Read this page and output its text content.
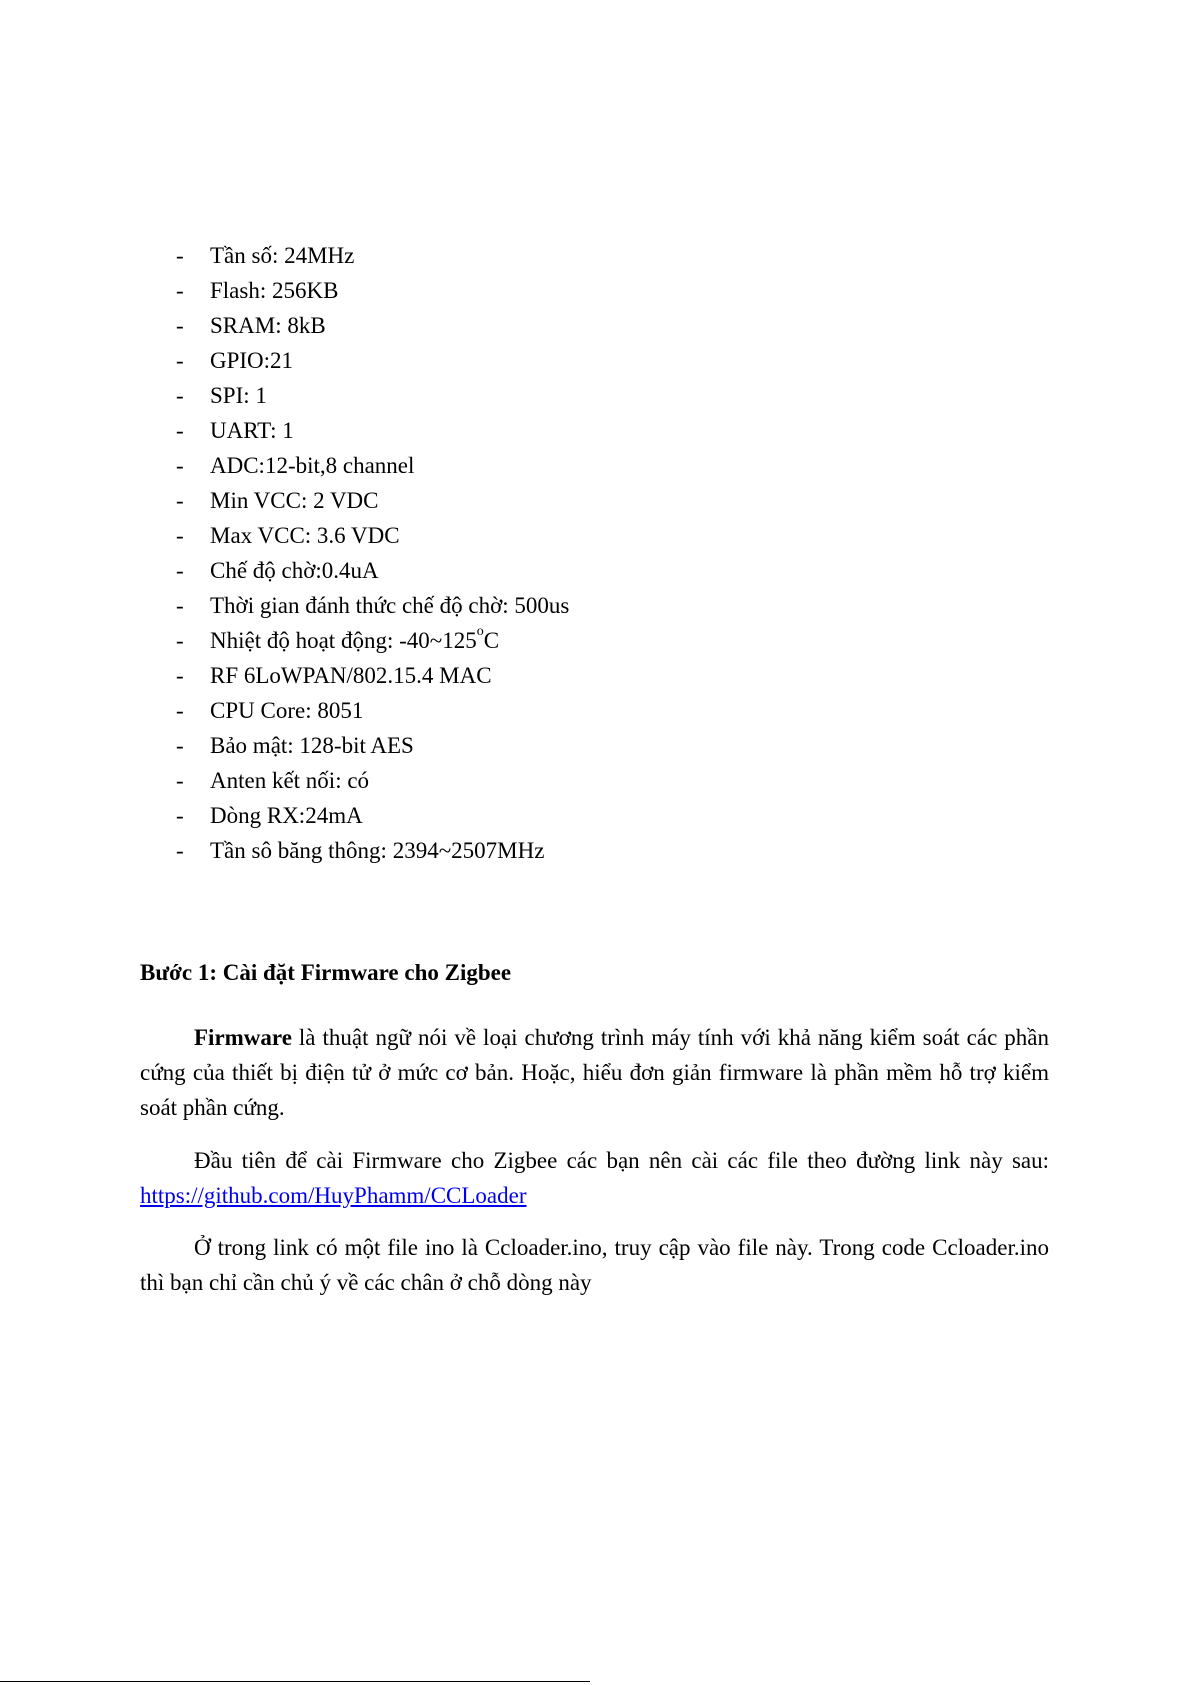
- Tần số: 24MHz
- Flash: 256KB
- SRAM: 8kB
- GPIO:21
- SPI: 1
- UART: 1
- ADC:12-bit,8 channel
- Min VCC: 2 VDC
- Max VCC: 3.6 VDC
- Chế độ chờ:0.4uA
- Thời gian đánh thức chế độ chờ: 500us
- Nhiệt độ hoạt động: -40~125$^o$C
- RF 6LoWPAN/802.15.4 MAC
- CPU Core: 8051
- Bảo mật: 128-bit AES
- Anten kết nối: có
- Dòng RX:24mA
- Tần sô băng thông: 2394~2507MHz
Bước 1: Cài đặt Firmware cho Zigbee

Firmware là thuật ngữ nói về loại chương trình máy tính với khả năng kiểm soát các phần cứng của thiết bị điện tử ở mức cơ bản. Hoặc, hiểu đơn giản firmware là phần mềm hỗ trợ kiểm soát phần cứng.

Đầu tiên để cài Firmware cho Zigbee các bạn nên cài các file theo đường link này sau: https://github.com/HuyPhamm/CCLoader

Ở trong link có một file ino là Ccloader.ino, truy cập vào file này. Trong code Ccloader.ino thì bạn chỉ cần chủ ý về các chân ở chỗ dòng này
